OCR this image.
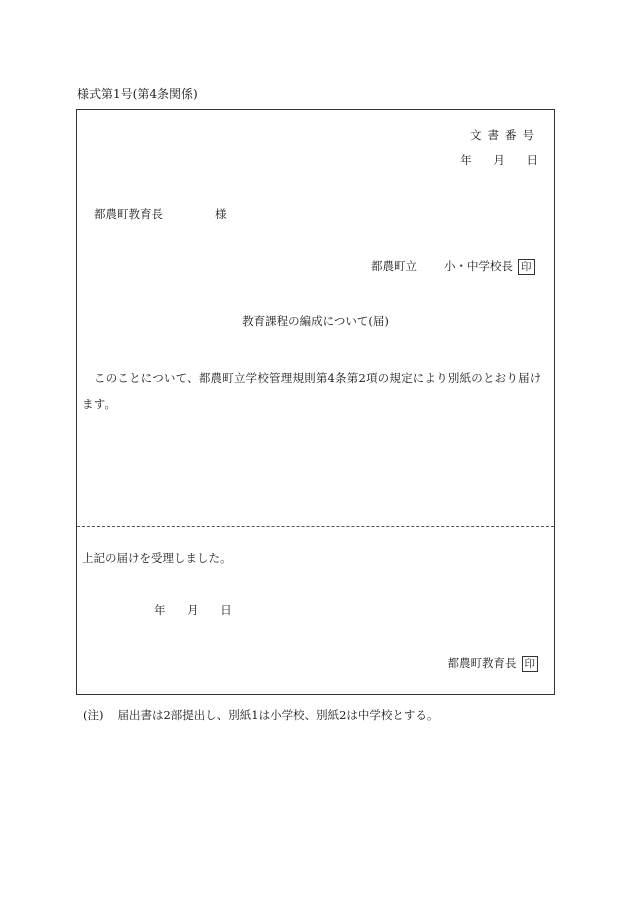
様式第1号(第4条関係)
文書番号
年 月 日
都農町教育長	様
都農町立 小・中学校長 印
教育課程の編成について(届)
このことについて、都農町立学校管理規則第4条第2項の規定により別紙のとおり届けます。
上記の届けを受理しました。
年 月 日
都農町教育長 印
(注) 届出書は2部提出し、別紙1は小学校、別紙2は中学校とする。
